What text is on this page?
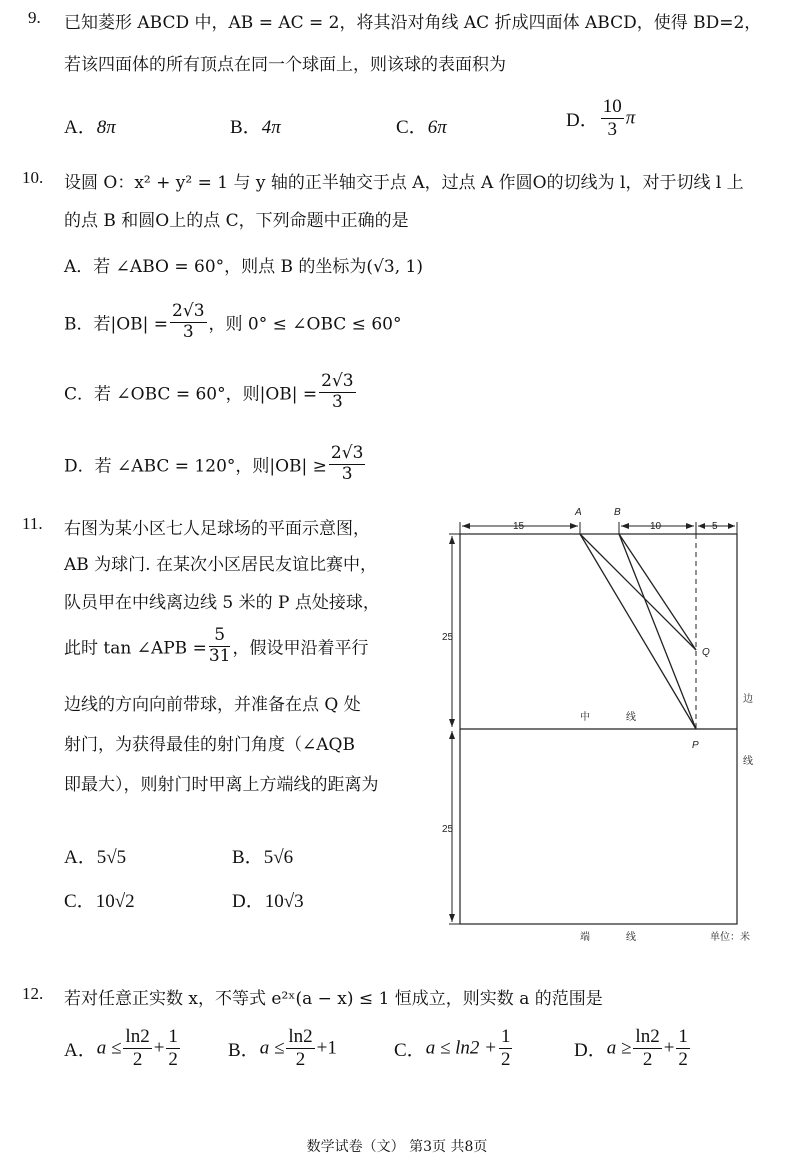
9. 已知菱形 ABCD 中，AB = AC = 2，将其沿对角线 AC 折成四面体 ABCD，使得 BD=2，
若该四面体的所有顶点在同一个球面上，则该球的表面积为
A．8π	B．4π	C．6π	D． $\frac{10}{3}$ π
10. 设圆 O：x² + y² = 1 与 y 轴的正半轴交于点 A，过点 A 作圆O的切线为 l，对于切线 l 上
的点 B 和圆O上的点 C，下列命题中正确的是
A．若 ∠ABO = 60°，则点 B 的坐标为(√3, 1)
B．若$|OB| = \frac{2√3}{3}$ ，则 0° ≤ ∠OBC ≤ 60°
C．若 ∠OBC = 60°，则$|OB| = \frac{2√3}{3}$
D．若 ∠ABC = 120°，则$|OB| \ge \frac{2√3}{3}$
11. 右图为某小区七人足球场的平面示意图，
AB 为球门. 在某次小区居民友谊比赛中，
队员甲在中线离边线 5 米的 P 点处接球，
此时 tan ∠APB = $\frac{5}{31}$ ，假设甲沿着平行
边线的方向向前带球，并准备在点 Q 处
射门，为获得最佳的射门角度（∠AQB
即最大），则射门时甲离上方端线的距离为
A．5√5	B．5√6
C．10√2	D．10√3
15	10	5
A	B
Q
P
25
25
中	线
边
线
端	线	单位：米
12. 若对任意正实数 x，不等式 e²ˣ(a − x) ≤ 1 恒成立，则实数 a 的范围是
A．$a \le \frac{\ln 2}{2} + \frac{1}{2}$	B．$a \le \frac{\ln 2}{2} +1$	C．$a \le \ln 2 + \frac{1}{2}$	D．$a \ge \frac{\ln 2}{2} + \frac{1}{2}$
数学试卷（文） 第3页 共8页
